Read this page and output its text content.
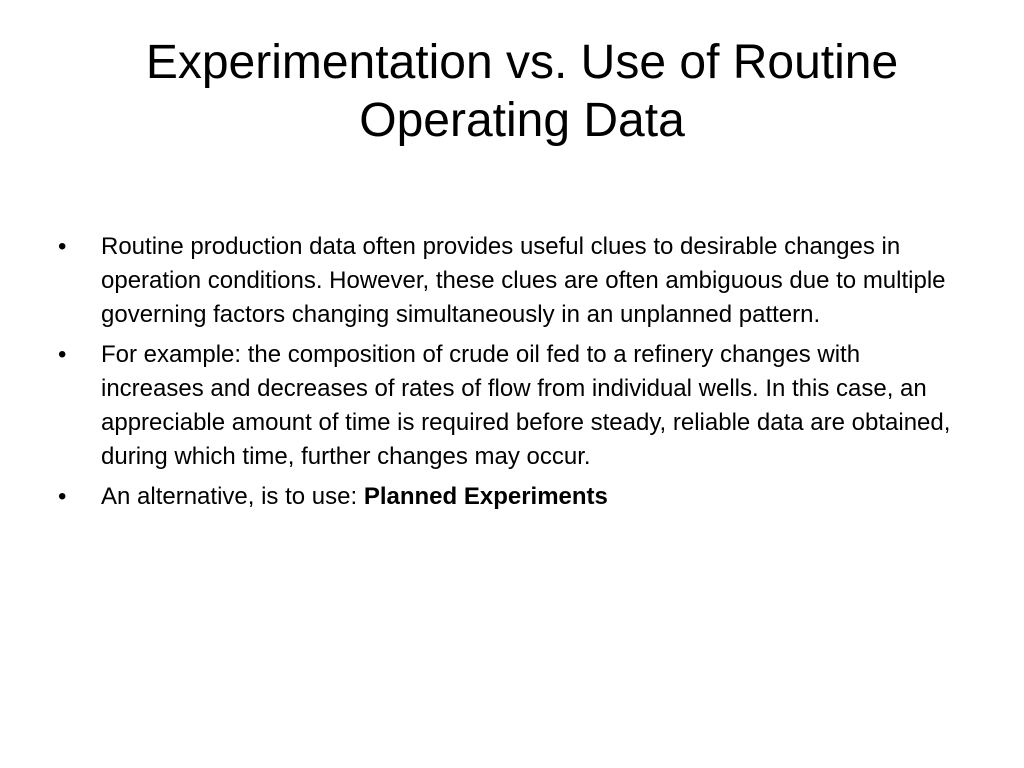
Experimentation vs. Use of Routine
Operating Data
•	Routine production data often provides useful clues to desirable changes in operation conditions. However, these clues are often ambiguous due to multiple governing factors changing simultaneously in an unplanned pattern.
•	For example: the composition of crude oil fed to a refinery changes with increases and decreases of rates of flow from individual wells. In this case, an appreciable amount of time is required before steady, reliable data are obtained, during which time, further changes may occur.
•	An alternative, is to use: Planned Experiments
